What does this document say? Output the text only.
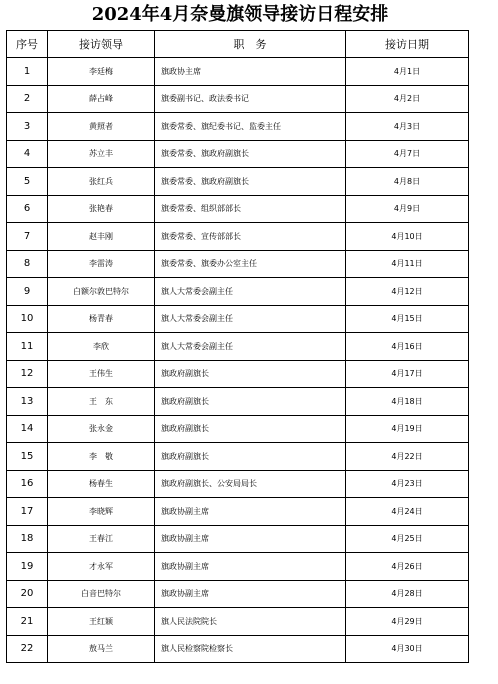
2024年4月奈曼旗领导接访日程安排
序号	接访领导	职　务	接访日期
1	李廷梅	旗政协主席	4月1日
2	薛占峰	旗委副书记、政法委书记	4月2日
3	黄照者	旗委常委、旗纪委书记、监委主任	4月3日
4	苏立丰	旗委常委、旗政府副旗长	4月7日
5	张红兵	旗委常委、旗政府副旗长	4月8日
6	张艳春	旗委常委、组织部部长	4月9日
7	赵丰刚	旗委常委、宣传部部长	4月10日
8	李雷涛	旗委常委、旗委办公室主任	4月11日
9	白额尔敦巴特尔	旗人大常委会副主任	4月12日
10	杨青春	旗人大常委会副主任	4月15日
11	李欣	旗人大常委会副主任	4月16日
12	王伟生	旗政府副旗长	4月17日
13	王　东	旗政府副旗长	4月18日
14	张永金	旗政府副旗长	4月19日
15	李　敬	旗政府副旗长	4月22日
16	杨春生	旗政府副旗长、公安局局长	4月23日
17	李晓辉	旗政协副主席	4月24日
18	王春江	旗政协副主席	4月25日
19	才永军	旗政协副主席	4月26日
20	白音巴特尔	旗政协副主席	4月28日
21	王红颖	旗人民法院院长	4月29日
22	敖马兰	旗人民检察院检察长	4月30日
